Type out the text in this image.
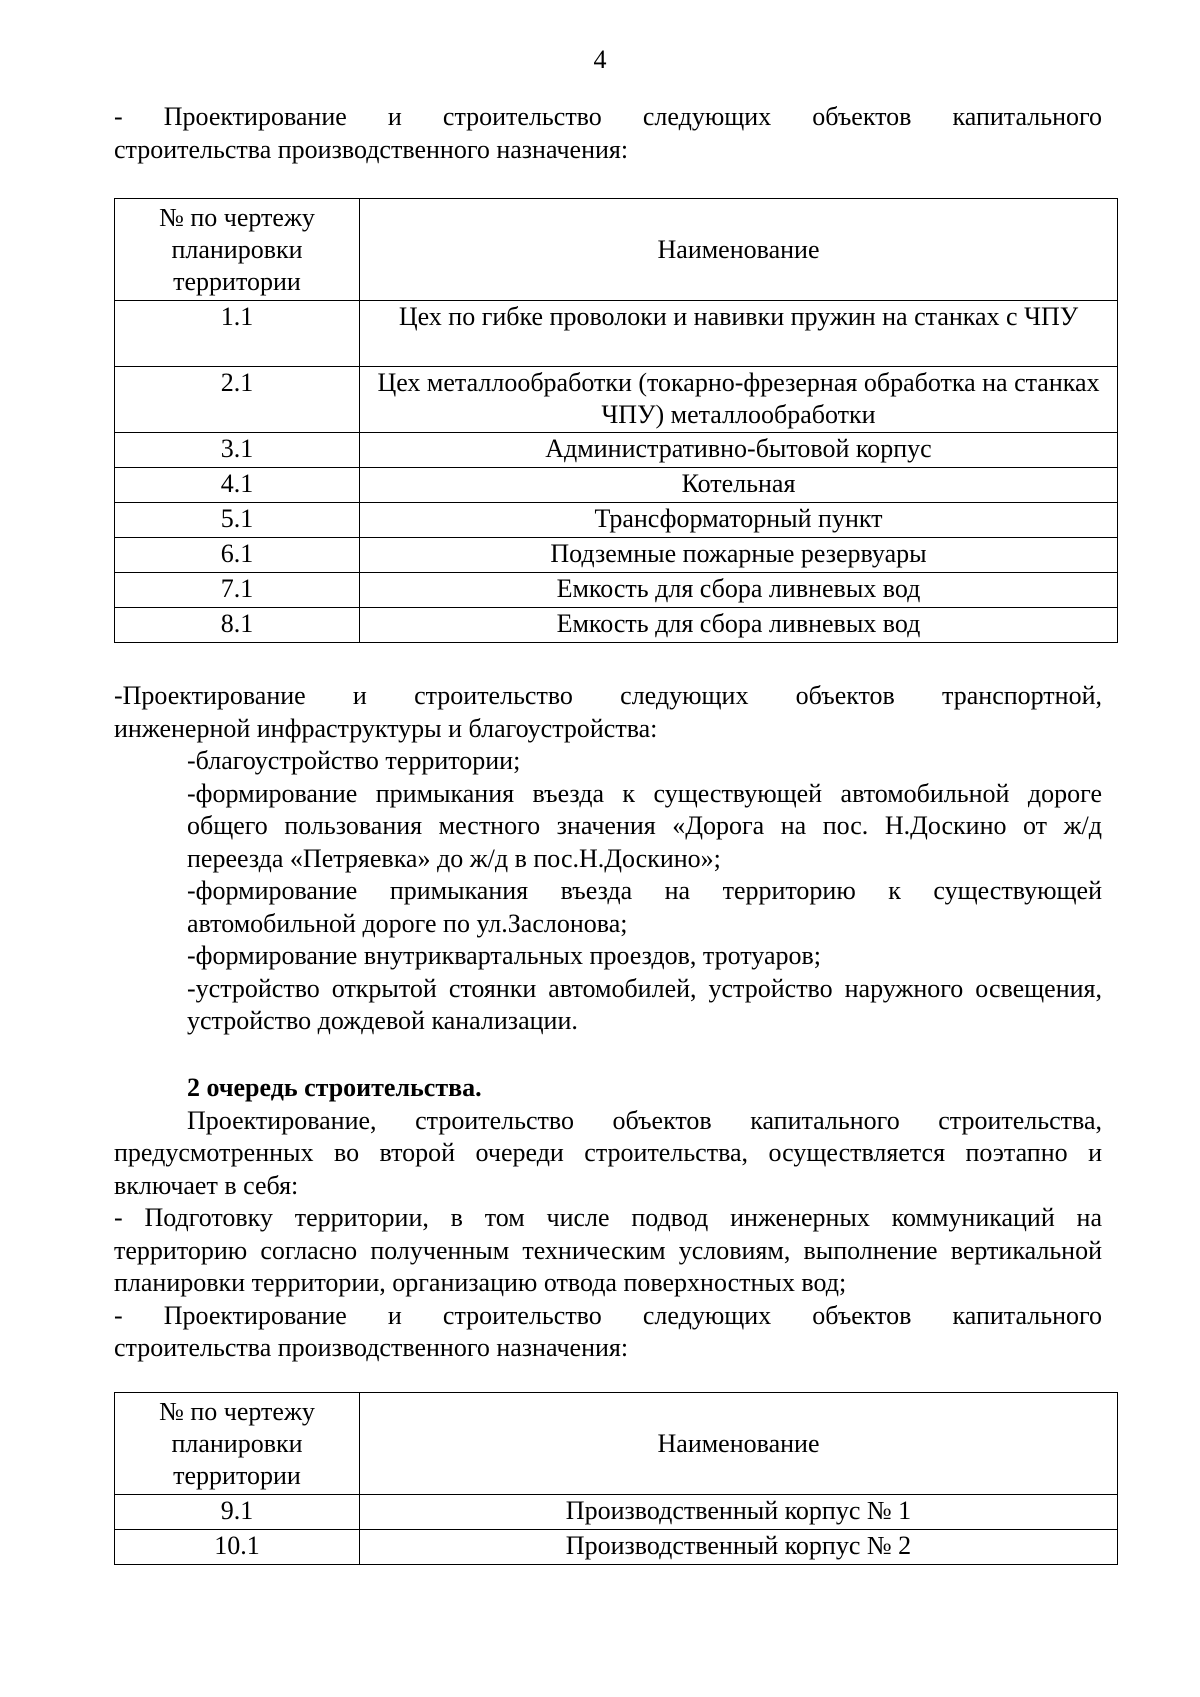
4
- Проектирование и строительство следующих объектов капитального
строительства производственного назначения:
№ по чертежу планировки территории	Наименование
1.1	Цех по гибке проволоки и навивки пружин на станках с ЧПУ
2.1	Цех металлообработки (токарно-фрезерная обработка на станках ЧПУ) металлообработки
3.1	Административно-бытовой корпус
4.1	Котельная
5.1	Трансформаторный пункт
6.1	Подземные пожарные резервуары
7.1	Емкость для сбора ливневых вод
8.1	Емкость для сбора ливневых вод
-Проектирование и строительство следующих объектов транспортной,
инженерной инфраструктуры и благоустройства:
-благоустройство территории;
-формирование примыкания въезда к существующей автомобильной дороге общего пользования местного значения «Дорога на пос. Н.Доскино от ж/д переезда «Петряевка» до ж/д в пос.Н.Доскино»;
-формирование примыкания въезда на территорию к существующей автомобильной дороге по ул.Заслонова;
-формирование внутриквартальных проездов, тротуаров;
-устройство открытой стоянки автомобилей, устройство наружного освещения, устройство дождевой канализации.
2 очередь строительства.
Проектирование, строительство объектов капитального строительства, предусмотренных во второй очереди строительства, осуществляется поэтапно и включает в себя:
- Подготовку территории, в том числе подвод инженерных коммуникаций на территорию согласно полученным техническим условиям, выполнение вертикальной планировки территории, организацию отвода поверхностных вод;
- Проектирование и строительство следующих объектов капитального
строительства производственного назначения:
№ по чертежу планировки территории	Наименование
9.1	Производственный корпус № 1
10.1	Производственный корпус № 2
